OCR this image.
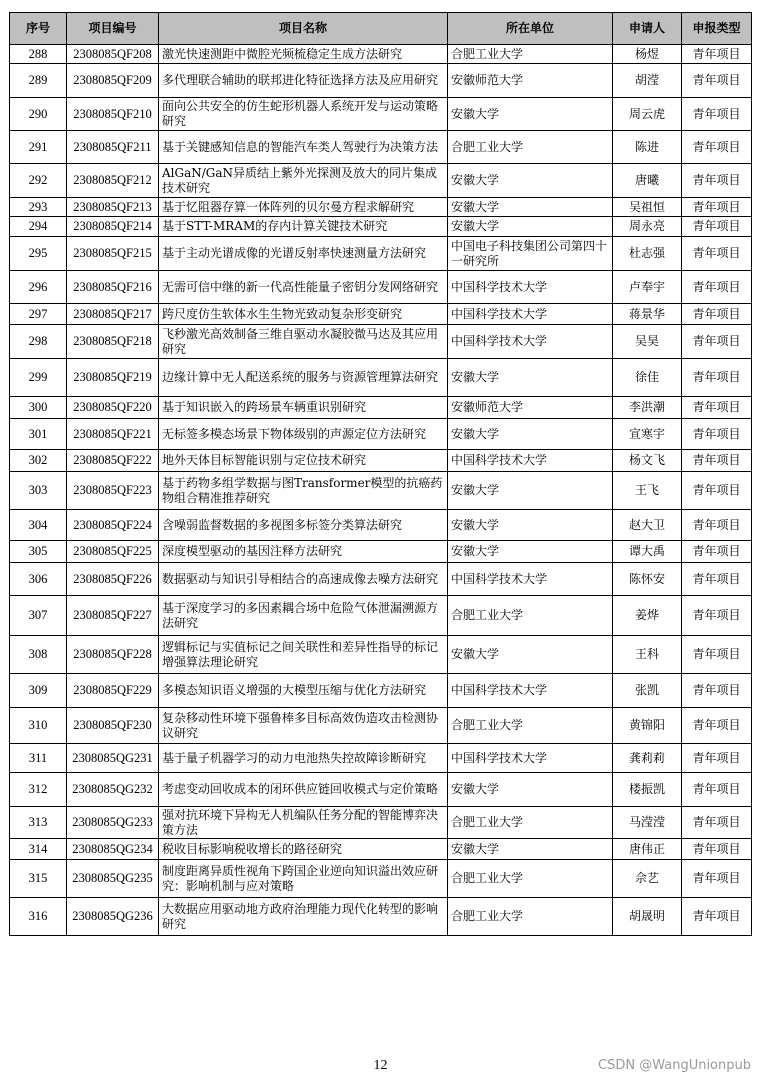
序号	项目编号	项目名称	所在单位	申请人	申报类型
288	2308085QF208	激光快速测距中微腔光频梳稳定生成方法研究	合肥工业大学	杨煜	青年项目
289	2308085QF209	多代理联合辅助的联邦进化特征选择方法及应用研究	安徽师范大学	胡滢	青年项目
290	2308085QF210	面向公共安全的仿生蛇形机器人系统开发与运动策略研究	安徽大学	周云虎	青年项目
291	2308085QF211	基于关键感知信息的智能汽车类人驾驶行为决策方法	合肥工业大学	陈进	青年项目
292	2308085QF212	AlGaN/GaN异质结上紫外光探测及放大的同片集成技术研究	安徽大学	唐曦	青年项目
293	2308085QF213	基于忆阻器存算一体阵列的贝尔曼方程求解研究	安徽大学	吴祖恒	青年项目
294	2308085QF214	基于STT-MRAM的存内计算关键技术研究	安徽大学	周永亮	青年项目
295	2308085QF215	基于主动光谱成像的光谱反射率快速测量方法研究	中国电子科技集团公司第四十一研究所	杜志强	青年项目
296	2308085QF216	无需可信中继的新一代高性能量子密钥分发网络研究	中国科学技术大学	卢奉宇	青年项目
297	2308085QF217	跨尺度仿生软体水生生物光致动复杂形变研究	中国科学技术大学	蒋景华	青年项目
298	2308085QF218	飞秒激光高效制备三维自驱动水凝胶微马达及其应用研究	中国科学技术大学	吴昊	青年项目
299	2308085QF219	边缘计算中无人配送系统的服务与资源管理算法研究	安徽大学	徐佳	青年项目
300	2308085QF220	基于知识嵌入的跨场景车辆重识别研究	安徽师范大学	李洪潮	青年项目
301	2308085QF221	无标签多模态场景下物体级别的声源定位方法研究	安徽大学	宣寒宇	青年项目
302	2308085QF222	地外天体目标智能识别与定位技术研究	中国科学技术大学	杨文飞	青年项目
303	2308085QF223	基于药物多组学数据与图Transformer模型的抗癌药物组合精准推荐研究	安徽大学	王飞	青年项目
304	2308085QF224	含噪弱监督数据的多视图多标签分类算法研究	安徽大学	赵大卫	青年项目
305	2308085QF225	深度模型驱动的基因注释方法研究	安徽大学	谭大禹	青年项目
306	2308085QF226	数据驱动与知识引导相结合的高速成像去噪方法研究	中国科学技术大学	陈怀安	青年项目
307	2308085QF227	基于深度学习的多因素耦合场中危险气体泄漏溯源方法研究	合肥工业大学	姜烨	青年项目
308	2308085QF228	逻辑标记与实值标记之间关联性和差异性指导的标记增强算法理论研究	安徽大学	王科	青年项目
309	2308085QF229	多模态知识语义增强的大模型压缩与优化方法研究	中国科学技术大学	张凯	青年项目
310	2308085QF230	复杂移动性环境下强鲁棒多目标高效伪造攻击检测协议研究	合肥工业大学	黄锦阳	青年项目
311	2308085QG231	基于量子机器学习的动力电池热失控故障诊断研究	中国科学技术大学	龚莉莉	青年项目
312	2308085QG232	考虑变动回收成本的闭环供应链回收模式与定价策略	安徽大学	楼振凯	青年项目
313	2308085QG233	强对抗环境下异构无人机编队任务分配的智能博弈决策方法	合肥工业大学	马滢滢	青年项目
314	2308085QG234	税收目标影响税收增长的路径研究	安徽大学	唐伟正	青年项目
315	2308085QG235	制度距离异质性视角下跨国企业逆向知识溢出效应研究：影响机制与应对策略	合肥工业大学	佘艺	青年项目
316	2308085QG236	大数据应用驱动地方政府治理能力现代化转型的影响研究	合肥工业大学	胡晟明	青年项目
12	CSDN @WangUnionpub
